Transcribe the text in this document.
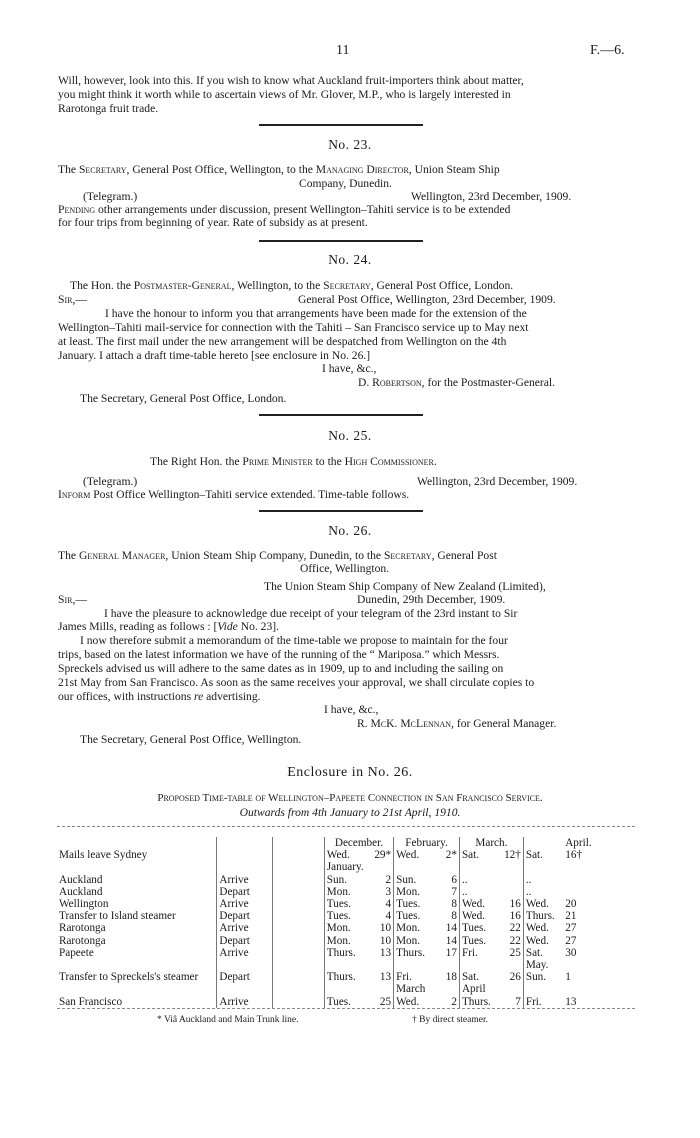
11	F.—6.
Will, however, look into this. If you wish to know what Auckland fruit-importers think about matter,
you might think it worth while to ascertain views of Mr. Glover, M.P., who is largely interested in
Rarotonga fruit trade.
No. 23.
The Secretary, General Post Office, Wellington, to the Managing Director, Union Steam Ship
Company, Dunedin.
(Telegram.)	Wellington, 23rd December, 1909.
Pending other arrangements under discussion, present Wellington–Tahiti service is to be extended
for four trips from beginning of year. Rate of subsidy as at present.
No. 24.
The Hon. the Postmaster-General, Wellington, to the Secretary, General Post Office, London.
Sir,—	General Post Office, Wellington, 23rd December, 1909.
I have the honour to inform you that arrangements have been made for the extension of the
Wellington–Tahiti mail-service for connection with the Tahiti – San Francisco service up to May next
at least. The first mail under the new arrangement will be despatched from Wellington on the 4th
January. I attach a draft time-table hereto [see enclosure in No. 26.]
I have, &c.,
D. Robertson, for the Postmaster-General.
The Secretary, General Post Office, London.
No. 25.
The Right Hon. the Prime Minister to the High Commissioner.
(Telegram.)	Wellington, 23rd December, 1909.
Inform Post Office Wellington–Tahiti service extended. Time-table follows.
No. 26.
The General Manager, Union Steam Ship Company, Dunedin, to the Secretary, General Post
Office, Wellington.
The Union Steam Ship Company of New Zealand (Limited),
Sir,—	Dunedin, 29th December, 1909.
I have the pleasure to acknowledge due receipt of your telegram of the 23rd instant to Sir
James Mills, reading as follows : [Vide No. 23].
I now therefore submit a memorandum of the time-table we propose to maintain for the four
trips, based on the latest information we have of the running of the “ Mariposa.” which Messrs.
Spreckels advised us will adhere to the same dates as in 1909, up to and including the sailing on
21st May from San Francisco. As soon as the same receives your approval, we shall circulate copies to
our offices, with instructions re advertising.
I have, &c.,
R. McK. McLennan, for General Manager.
The Secretary, General Post Office, Wellington.
Enclosure in No. 26.
Proposed Time-table of Wellington–Papeete Connection in San Francisco Service.
Outwards from 4th January to 21st April, 1910.
			December.		February.		March.		April.	
Mails leave Sydney			Wed.	29*	Wed.	2*	Sat.	12†	Sat.	16†
			January.							
Auckland	Arrive		Sun.	2	Sun.	6	..		..	
Auckland	Depart		Mon.	3	Mon.	7	..		..	
Wellington	Arrive		Tues.	4	Tues.	8	Wed.	16	Wed.	20
Transfer to Island steamer	Depart		Tues.	4	Tues.	8	Wed.	16	Thurs.	21
Rarotonga	Arrive		Mon.	10	Mon.	14	Tues.	22	Wed.	27
Rarotonga	Depart		Mon.	10	Mon.	14	Tues.	22	Wed.	27
Papeete	Arrive		Thurs.	13	Thurs.	17	Fri.	25	Sat.	30
									May.	
Transfer to Spreckels's steamer	Depart		Thurs.	13	Fri.	18	Sat.	26	Sun.	1
					March		April			
San Francisco	Arrive		Tues.	25	Wed.	2	Thurs.	7	Fri.	13
* Viâ Auckland and Main Trunk line.	† By direct steamer.
